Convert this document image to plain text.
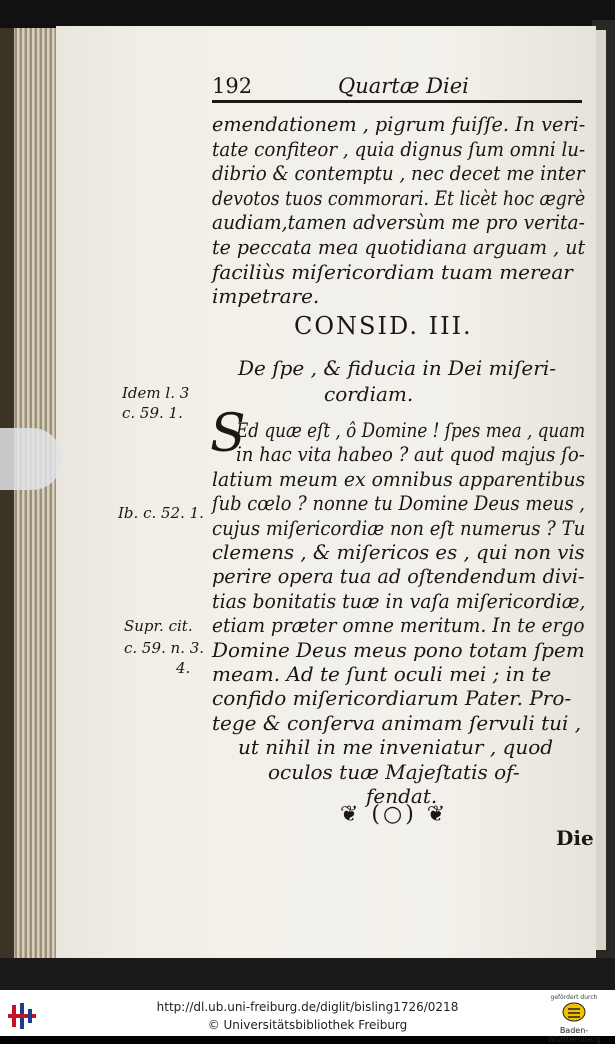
192	Quartæ Diei
emendationem , pigrum fuiſſe. In veri-
tate confiteor , quia dignus ſum omni lu-
dibrio & contemptu , nec decet me inter
devotos tuos commorari. Et licèt hoc ægrè
audiam,tamen adversùm me pro verita-
te peccata mea quotidiana arguam , ut
faciliùs miſericordiam tuam merear
impetrare.
CONSID. III.
De ſpe , & fiducia in Dei miſeri-
cordiam.
S
Ed quæ eſt , ô Domine ! ſpes mea , quam
in hac vita habeo ? aut quod majus ſo-
latium meum ex omnibus apparentibus
ſub cœlo ? nonne tu Domine Deus meus ,
cujus miſericordiæ non eſt numerus ? Tu
clemens , & miſericos es , qui non vis
perire opera tua ad oſtendendum divi-
tias bonitatis tuæ in vaſa miſericordiæ,
etiam præter omne meritum. In te ergo
Domine Deus meus pono totam ſpem
meam. Ad te ſunt oculi mei ; in te
confido miſericordiarum Pater. Pro-
tege & conſerva animam ſervuli tui ,
ut nihil in me inveniatur , quod
oculos tuæ Majeſtatis of-
fendat.
Idem l. 3
c. 59. 1.
Ib. c. 52. 1.
Supr. cit.
c. 59. n. 3.
4.
❦ (○) ❦
Die
http://dl.ub.uni-freiburg.de/diglit/bisling1726/0218
© Universitätsbibliothek Freiburg
gefördert durch
Baden-Württemberg
